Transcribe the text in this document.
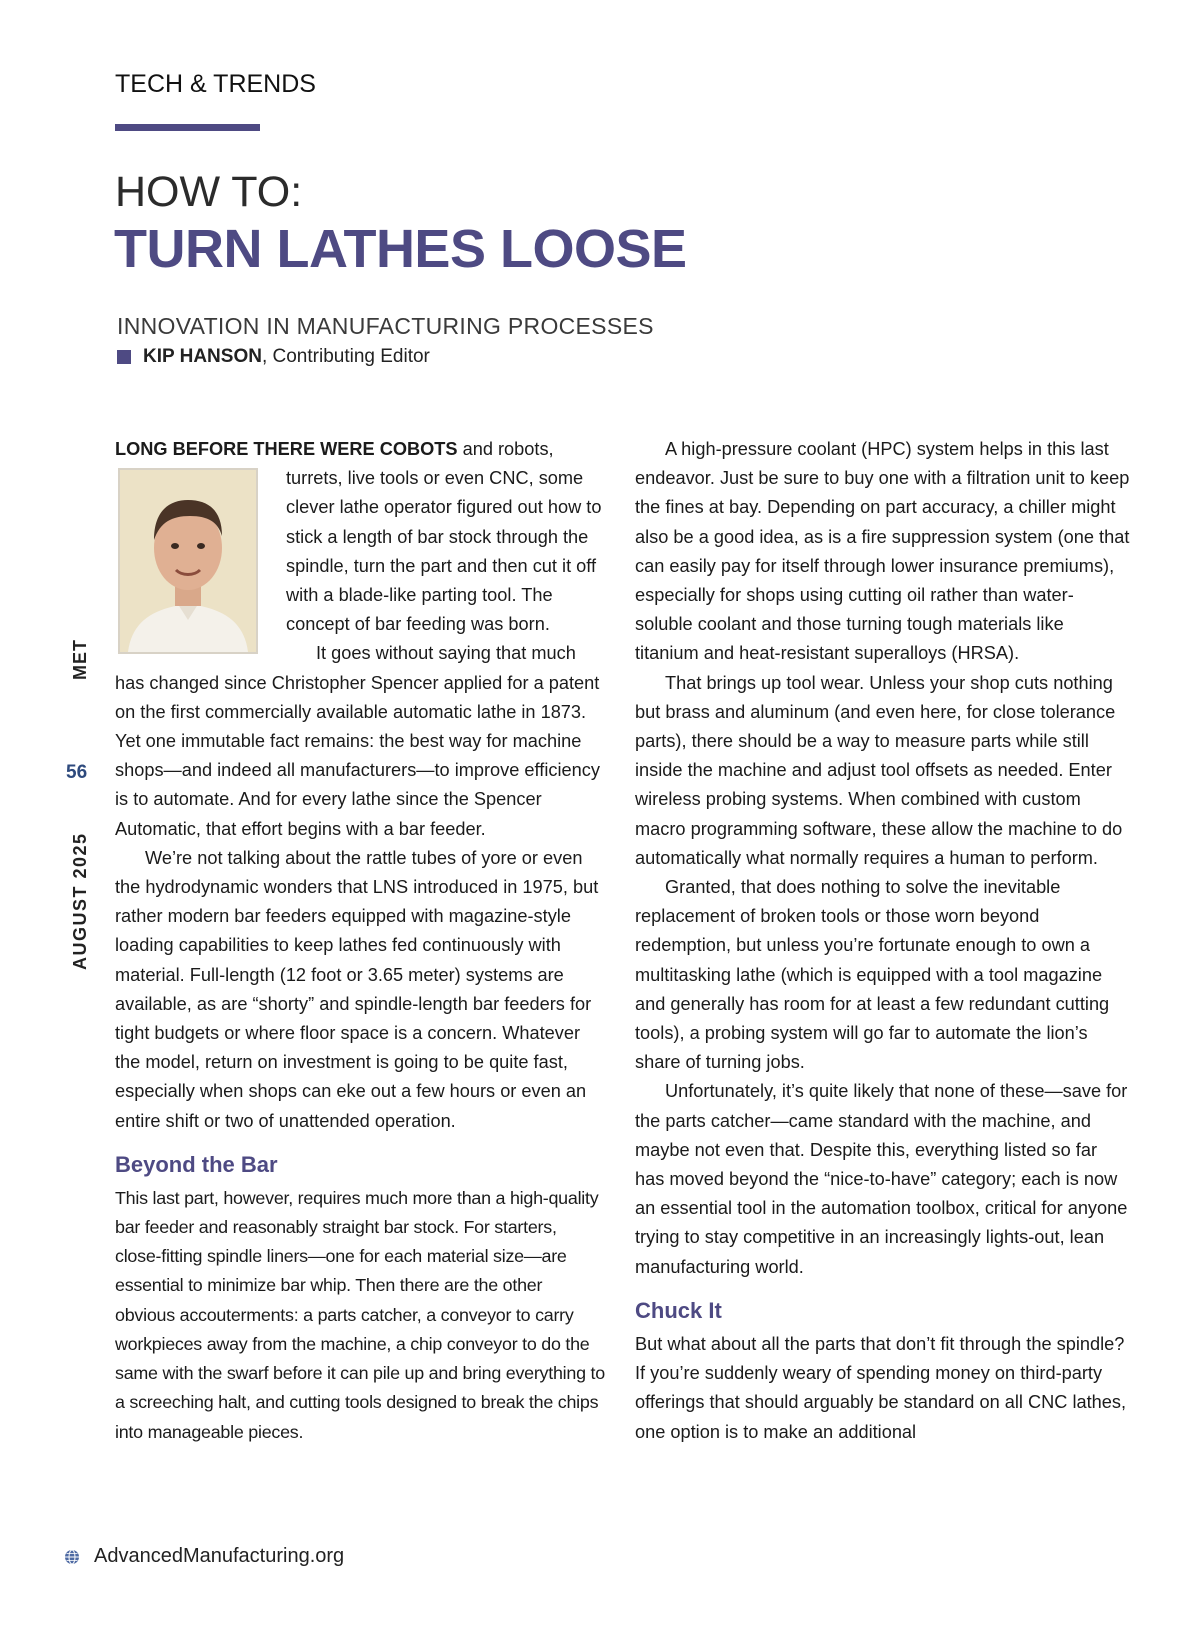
TECH & TRENDS
HOW TO:
TURN LATHES LOOSE
INNOVATION IN MANUFACTURING PROCESSES
KIP HANSON , Contributing Editor
MET
56
AUGUST 2025

LONG BEFORE THERE WERE COBOTS
and robots, turrets, live tools or even CNC, some clever lathe operator figured out how to stick a length of bar stock through the spindle, turn the part and then cut it off with a blade-like parting tool. The concept of bar feeding was born.

It goes without saying that much has changed since Christopher Spencer applied for a patent on the first commercially available automatic lathe in 1873. Yet one immutable fact remains: the best way for machine shops—and indeed all manufacturers—to improve efficiency is to automate. And for every lathe since the Spencer Automatic, that effort begins with a bar feeder.

We’re not talking about the rattle tubes of yore or even the hydrodynamic wonders that LNS introduced in 1975, but rather modern bar feeders equipped with magazine-style loading capabilities to keep lathes fed continuously with material. Full-length (12 foot or 3.65 meter) systems are available, as are “shorty” and spindle-length bar feeders for tight budgets or where floor space is a concern. Whatever the model, return on investment is going to be quite fast, especially when shops can eke out a few hours or even an entire shift or two of unattended operation.

Beyond the Bar

This last part, however, requires much more than a high-quality bar feeder and reasonably straight bar stock. For starters, close-fitting spindle liners—one for each material size—are essential to minimize bar whip. Then there are the other obvious accouterments: a parts catcher, a conveyor to carry workpieces away from the machine, a chip conveyor to do the same with the swarf before it can pile up and bring everything to a screeching halt, and cutting tools designed to break the chips into manageable pieces.

A high-pressure coolant (HPC) system helps in this last endeavor. Just be sure to buy one with a filtration unit to keep the fines at bay. Depending on part accuracy, a chiller might also be a good idea, as is a fire suppression system (one that can easily pay for itself through lower insurance premiums), especially for shops using cutting oil rather than water-soluble coolant and those turning tough materials like titanium and heat-resistant superalloys (HRSA).

That brings up tool wear. Unless your shop cuts nothing but brass and aluminum (and even here, for close tolerance parts), there should be a way to measure parts while still inside the machine and adjust tool offsets as needed. Enter wireless probing systems. When combined with custom macro programming software, these allow the machine to do automatically what normally requires a human to perform.

Granted, that does nothing to solve the inevitable replacement of broken tools or those worn beyond redemption, but unless you’re fortunate enough to own a multitasking lathe (which is equipped with a tool magazine and generally has room for at least a few redundant cutting tools), a probing system will go far to automate the lion’s share of turning jobs.

Unfortunately, it’s quite likely that none of these—save for the parts catcher—came standard with the machine, and maybe not even that. Despite this, everything listed so far has moved beyond the “nice-to-have” category; each is now an essential tool in the automation toolbox, critical for anyone trying to stay competitive in an increasingly lights-out, lean manufacturing world.

Chuck It

But what about all the parts that don’t fit through the spindle? If you’re suddenly weary of spending money on third-party offerings that should arguably be standard on all CNC lathes, one option is to make an additional

AdvancedManufacturing.org
